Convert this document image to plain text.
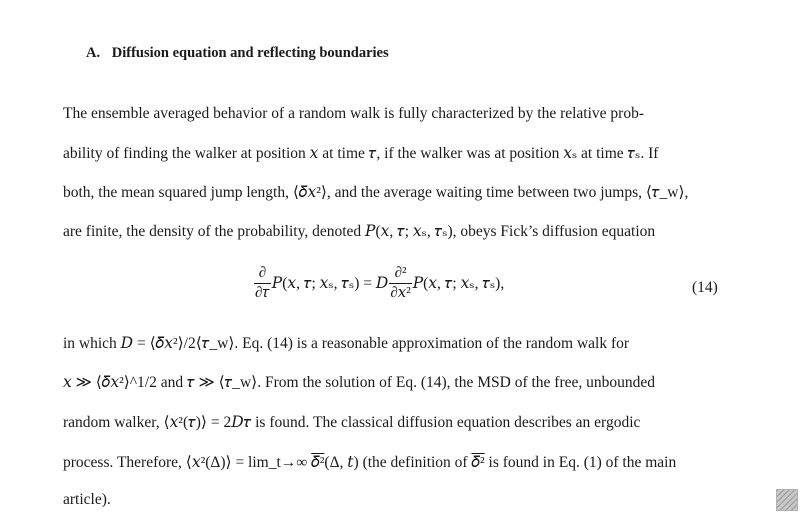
A. Diffusion equation and reflecting boundaries
The ensemble averaged behavior of a random walk is fully characterized by the relative prob-
ability of finding the walker at position 𝑥 at time 𝜏, if the walker was at position 𝑥ₛ at time 𝜏ₛ. If
both, the mean squared jump length, ⟨𝛿𝑥²⟩, and the average waiting time between two jumps, ⟨𝜏_w⟩,
are finite, the density of the probability, denoted 𝑃(𝑥, 𝜏; 𝑥ₛ, 𝜏ₛ), obeys Fick’s diffusion equation
$\frac{\partial}{\text{∂𝜏}}$ 𝑃(𝑥, 𝜏; 𝑥ₛ, 𝜏ₛ) = 𝐷 $\frac{\text{∂²}}{\text{∂𝑥²}}$ 𝑃(𝑥, 𝜏; 𝑥ₛ, 𝜏ₛ),	(14)
in which 𝐷 = ⟨𝛿𝑥²⟩/2⟨𝜏_w⟩. Eq. (14) is a reasonable approximation of the random walk for
𝑥 ≫ ⟨𝛿𝑥²⟩^1/2 and 𝜏 ≫ ⟨𝜏_w⟩. From the solution of Eq. (14), the MSD of the free, unbounded
random walker, ⟨𝑥²(𝜏)⟩ = 2𝐷𝜏 is found. The classical diffusion equation describes an ergodic
process. Therefore, ⟨𝑥²(Δ)⟩ = lim_t→∞ 𝛿²(Δ, 𝑡) (the definition of 𝛿² is found in Eq. (1) of the main
article).
